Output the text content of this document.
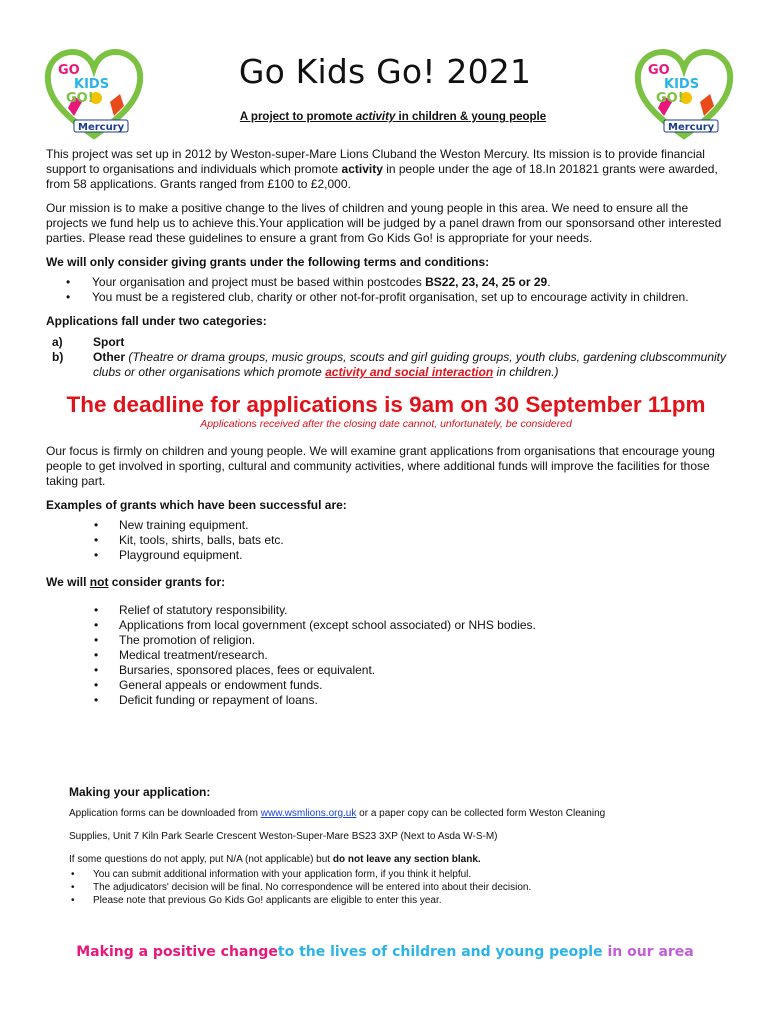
GO
KIDS
GO!
Mercury
GO
KIDS
GO!
Mercury
Go Kids Go! 2021
A project to promote activity in children & young people

This project was set up in 2012 by Weston-super-Mare Lions Cluband the Weston Mercury. Its mission is to provide financial support to organisations and individuals which promote activity in people under the age of 18.In 201821 grants were awarded, from 58 applications. Grants ranged from £100 to £2,000.

Our mission is to make a positive change to the lives of children and young people in this area. We need to ensure all the projects we fund help us to achieve this.Your application will be judged by a panel drawn from our sponsorsand other interested parties. Please read these guidelines to ensure a grant from Go Kids Go! is appropriate for your needs.

We will only consider giving grants under the following terms and conditions:

• Your organisation and project must be based within postcodes BS22, 23, 24, 25 or 29.
• You must be a registered club, charity or other not-for-profit organisation, set up to encourage activity in children.

Applications fall under two categories:

a)	Sport
b) Other (Theatre or drama groups, music groups, scouts and girl guiding groups, youth clubs, gardening clubscommunity clubs or other organisations which promote activity and social interaction in children.)
The deadline for applications is 9am on 30 September 11pm
Applications received after the closing date cannot, unfortunately, be considered

Our focus is firmly on children and young people. We will examine grant applications from organisations that encourage young people to get involved in sporting, cultural and community activities, where additional funds will improve the facilities for those taking part.

Examples of grants which have been successful are:

• New training equipment.
• Kit, tools, shirts, balls, bats etc.
• Playground equipment.

We will not consider grants for:

• Relief of statutory responsibility.
• Applications from local government (except school associated) or NHS bodies.
• The promotion of religion.
• Medical treatment/research.
• Bursaries, sponsored places, fees or equivalent.
• General appeals or endowment funds.
• Deficit funding or repayment of loans.
Making your application:
Application forms can be downloaded from www.wsmlions.org.uk or a paper copy can be collected form Weston Cleaning
Supplies, Unit 7 Kiln Park Searle Crescent Weston-Super-Mare BS23 3XP (Next to Asda W-S-M)
If some questions do not apply, put N/A (not applicable) but do not leave any section blank.
• You can submit additional information with your application form, if you think it helpful.
• The adjudicators' decision will be final. No correspondence will be entered into about their decision.
• Please note that previous Go Kids Go! applicants are eligible to enter this year.
Making a positive changeto the lives of children and young people in our area
